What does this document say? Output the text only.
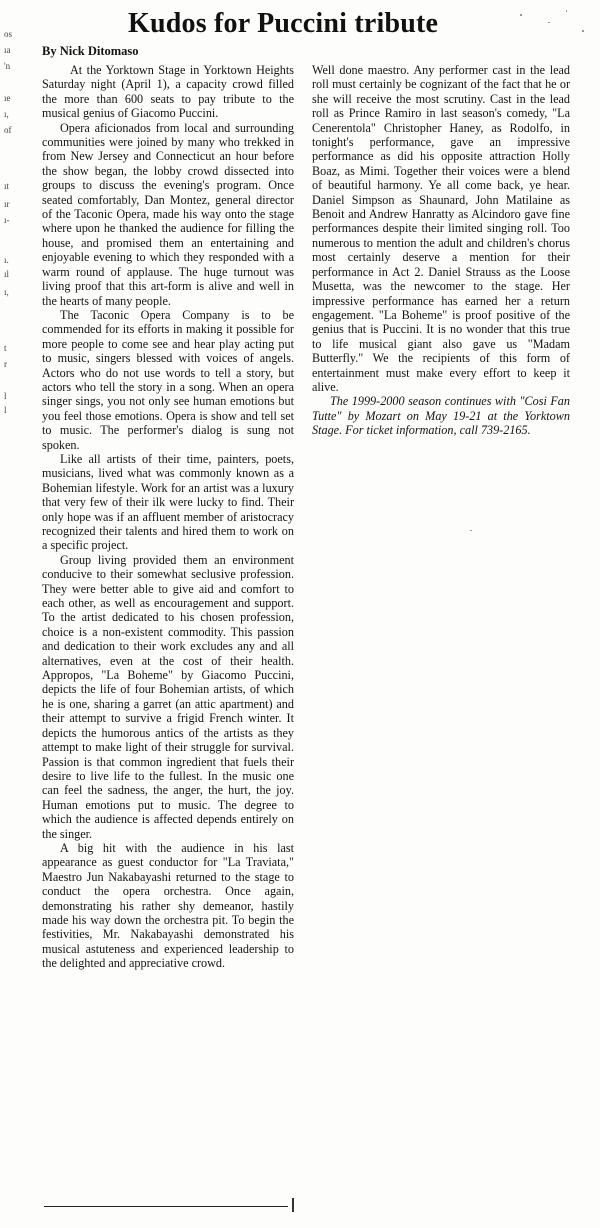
os
ıa
'n
ıe
ı,
of
ıt
ır
ı-
ı.
ıl
ı,
t
r
l
l
Kudos for Puccini tribute
By Nick Ditomaso

At the Yorktown Stage in Yorktown Heights Saturday night (April 1), a capacity crowd filled the more than 600 seats to pay tribute to the musical genius of Giacomo Puccini.

Opera aficionados from local and surrounding communities were joined by many who trekked in from New Jersey and Connecticut an hour before the show began, the lobby crowd dissected into groups to discuss the evening's program. Once seated comfortably, Dan Montez, general director of the Taconic Opera, made his way onto the stage where upon he thanked the audience for filling the house, and promised them an entertaining and enjoyable evening to which they responded with a warm round of applause. The huge turnout was living proof that this art-form is alive and well in the hearts of many people.

The Taconic Opera Company is to be commended for its efforts in making it possible for more people to come see and hear play acting put to music, singers blessed with voices of angels. Actors who do not use words to tell a story, but actors who tell the story in a song. When an opera singer sings, you not only see human emotions but you feel those emotions. Opera is show and tell set to music. The performer's dialog is sung not spoken.

Like all artists of their time, painters, poets, musicians, lived what was commonly known as a Bohemian lifestyle. Work for an artist was a luxury that very few of their ilk were lucky to find. Their only hope was if an affluent member of aristocracy recognized their talents and hired them to work on a specific project.

Group living provided them an environment conducive to their somewhat seclusive profession. They were better able to give aid and comfort to each other, as well as encouragement and support. To the artist dedicated to his chosen profession, choice is a non-existent commodity. This passion and dedication to their work excludes any and all alternatives, even at the cost of their health. Appropos, "La Boheme" by Giacomo Puccini, depicts the life of four Bohemian artists, of which he is one, sharing a garret (an attic apartment) and their attempt to survive a frigid French winter. It depicts the humorous antics of the artists as they attempt to make light of their struggle for survival. Passion is that common ingredient that fuels their desire to live life to the fullest. In the music one can feel the sadness, the anger, the hurt, the joy. Human emotions put to music. The degree to which the audience is affected depends entirely on the singer.

A big hit with the audience in his last appearance as guest conductor for "La Traviata," Maestro Jun Nakabayashi returned to the stage to conduct the opera orchestra. Once again, demonstrating his rather shy demeanor, hastily made his way down the orchestra pit. To begin the festivities, Mr. Nakabayashi demonstrated his musical astuteness and experienced leadership to the delighted and appreciative crowd.

Well done maestro. Any performer cast in the lead roll must certainly be cognizant of the fact that he or she will receive the most scrutiny. Cast in the lead roll as Prince Ramiro in last season's comedy, "La Cenerentola" Christopher Haney, as Rodolfo, in tonight's performance, gave an impressive performance as did his opposite attraction Holly Boaz, as Mimi. Together their voices were a blend of beautiful harmony. Ye all come back, ye hear. Daniel Simpson as Shaunard, John Matilaine as Benoit and Andrew Hanratty as Alcindoro gave fine performances despite their limited singing roll. Too numerous to mention the adult and children's chorus most certainly deserve a mention for their performance in Act 2. Daniel Strauss as the Loose Musetta, was the newcomer to the stage. Her impressive performance has earned her a return engagement. "La Boheme" is proof positive of the genius that is Puccini. It is no wonder that this true to life musical giant also gave us "Madam Butterfly." We the recipients of this form of entertainment must make every effort to keep it alive.

The 1999-2000 season continues with "Cosi Fan Tutte" by Mozart on May 19-21 at the Yorktown Stage. For ticket information, call 739-2165.
